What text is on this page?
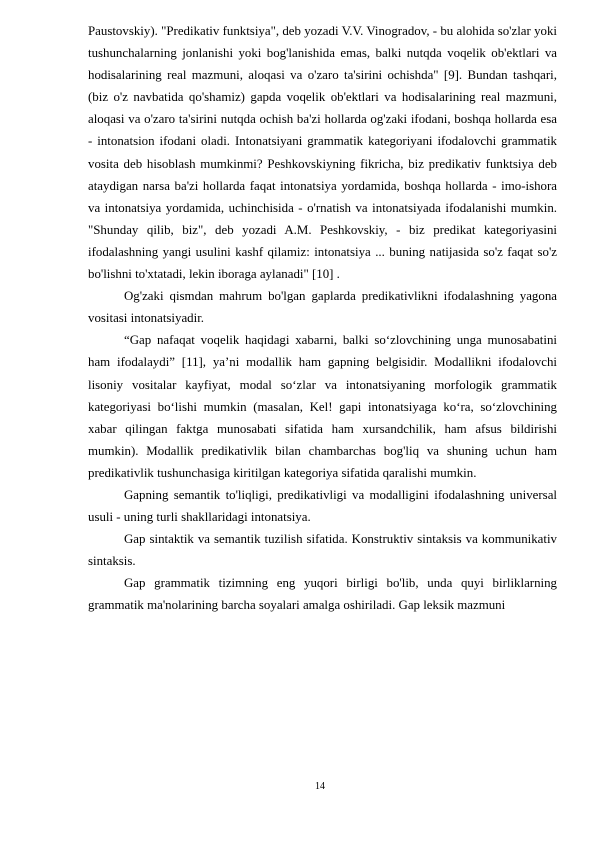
Paustovskiy). "Predikativ funktsiya", deb yozadi V.V. Vinogradov, - bu alohida so'zlar yoki tushunchalarning jonlanishi yoki bog'lanishida emas, balki nutqda voqelik ob'ektlari va hodisalarining real mazmuni, aloqasi va o'zaro ta'sirini ochishda" [9]. Bundan tashqari, (biz o'z navbatida qo'shamiz) gapda voqelik ob'ektlari va hodisalarining real mazmuni, aloqasi va o'zaro ta'sirini nutqda ochish ba'zi hollarda og'zaki ifodani, boshqa hollarda esa - intonatsion ifodani oladi. Intonatsiyani grammatik kategoriyani ifodalovchi grammatik vosita deb hisoblash mumkinmi? Peshkovskiyning fikricha, biz predikativ funktsiya deb ataydigan narsa ba'zi hollarda faqat intonatsiya yordamida, boshqa hollarda - imo-ishora va intonatsiya yordamida, uchinchisida - o'rnatish va intonatsiyada ifodalanishi mumkin. "Shunday qilib, biz", deb yozadi A.M. Peshkovskiy, - biz predikat kategoriyasini ifodalashning yangi usulini kashf qilamiz: intonatsiya ... buning natijasida so'z faqat so'z bo'lishni to'xtatadi, lekin iboraga aylanadi" [10] .

Og'zaki qismdan mahrum bo'lgan gaplarda predikativlikni ifodalashning yagona vositasi intonatsiyadir.

“Gap nafaqat voqelik haqidagi xabarni, balki so‘zlovchining unga munosabatini ham ifodalaydi” [11], ya’ni modallik ham gapning belgisidir. Modallikni ifodalovchi lisoniy vositalar kayfiyat, modal so‘zlar va intonatsiyaning morfologik grammatik kategoriyasi bo‘lishi mumkin (masalan, Kel! gapi intonatsiyaga ko‘ra, so‘zlovchining xabar qilingan faktga munosabati sifatida ham xursandchilik, ham afsus bildirishi mumkin). Modallik predikativlik bilan chambarchas bog'liq va shuning uchun ham predikativlik tushunchasiga kiritilgan kategoriya sifatida qaralishi mumkin.

Gapning semantik to'liqligi, predikativligi va modalligini ifodalashning universal usuli - uning turli shakllaridagi intonatsiya.

Gap sintaktik va semantik tuzilish sifatida. Konstruktiv sintaksis va kommunikativ sintaksis.

Gap grammatik tizimning eng yuqori birligi bo'lib, unda quyi birliklarning grammatik ma'nolarining barcha soyalari amalga oshiriladi. Gap leksik mazmuni

14
